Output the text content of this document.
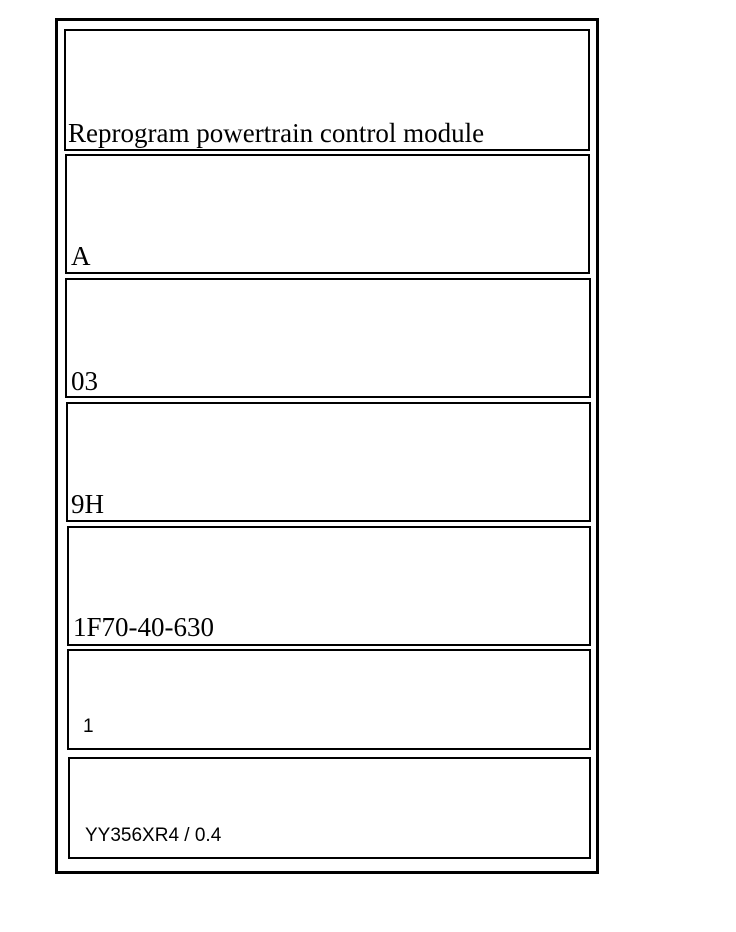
Reprogram powertrain control module
A
03
9H
1F70-40-630
1
YY356XR4 / 0.4
